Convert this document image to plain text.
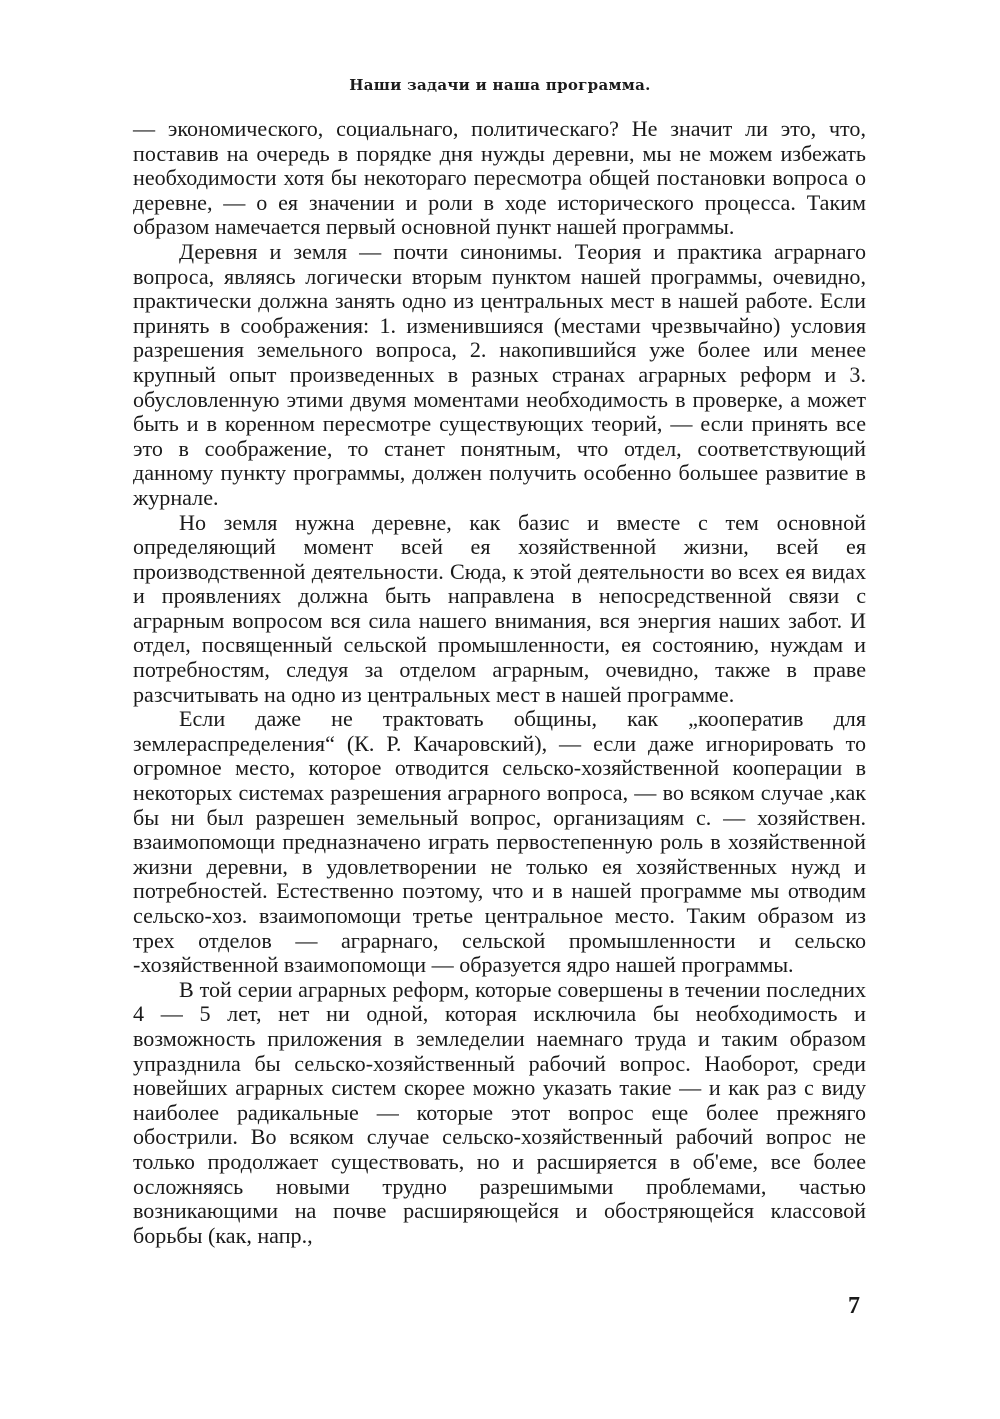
Наши задачи и наша программа.

— экономического, социальнаго, политическаго? Не значит ли это, что, поставив на очередь в порядке дня нужды деревни, мы не можем избежать необходимости хотя бы некотораго пересмотра общей постановки вопроса о деревне, — о ея значении и роли в ходе исторического процесса. Таким образом намечается первый основной пункт нашей программы.

Деревня и земля — почти синонимы. Теория и практика аграрнаго вопроса, являясь логически вторым пунктом нашей программы, очевидно, практически должна занять одно из центральных мест в нашей работе. Если принять в соображения: 1. изменившияся (местами чрезвычайно) условия разрешения земельного вопроса, 2. накопившийся уже более или менее крупный опыт произведенных в разных странах аграрных реформ и 3. обусловленную этими двумя моментами необходимость в проверке, а может быть и в коренном пересмотре существующих теорий, — если принять все это в соображение, то станет понятным, что отдел, соответствующий данному пункту программы, должен получить особенно большее развитие в журнале.

Но земля нужна деревне, как базис и вместе с тем основной определяющий момент всей ея хозяйственной жизни, всей ея производственной деятельности. Сюда, к этой деятельности во всех ея видах и проявлениях должна быть направлена в непосредственной связи с аграрным вопросом вся сила нашего внимания, вся энергия наших забот. И отдел, посвященный сельской промышленности, ея состоянию, нуждам и потребностям, следуя за отделом аграрным, очевидно, также в праве разсчитывать на одно из центральных мест в нашей программе.

Если даже не трактовать общины, как „кооператив для землераспределения“ (К. Р. Качаровский), — если даже игнорировать то огромное место, которое отводится сельско-хозяйственной кооперации в некоторых системах разрешения аграрного вопроса, — во всяком случае ,как бы ни был разрешен земельный вопрос, организациям с. — хозяйствен. взаимопомощи предназначено играть первостепенную роль в хозяйственной жизни деревни, в удовлетворении не только ея хозяйственных нужд и потребностей. Естественно поэтому, что и в нашей программе мы отводим сельско-хоз. взаимопомощи третье центральное место. Таким образом из трех отделов — аграрнаго, сельской промышленности и сельско -хозяйственной взаимопомощи — образуется ядро нашей программы.

В той серии аграрных реформ, которые совершены в течении последних 4 — 5 лет, нет ни одной, которая исключила бы необходимость и возможность приложения в земледелии наемнаго труда и таким образом упразднила бы сельско-хозяйственный рабочий вопрос. Наоборот, среди новейших аграрных систем скорее можно указать такие — и как раз с виду наиболее радикальные — которые этот вопрос еще более прежняго обострили. Во всяком случае сельско-хозяйственный рабочий вопрос не только продолжает существовать, но и расширяется в об'еме, все более осложняясь новыми трудно разрешимыми проблемами, частью возникающими на почве расширяющейся и обостряющейся классовой борьбы (как, напр.,

7
